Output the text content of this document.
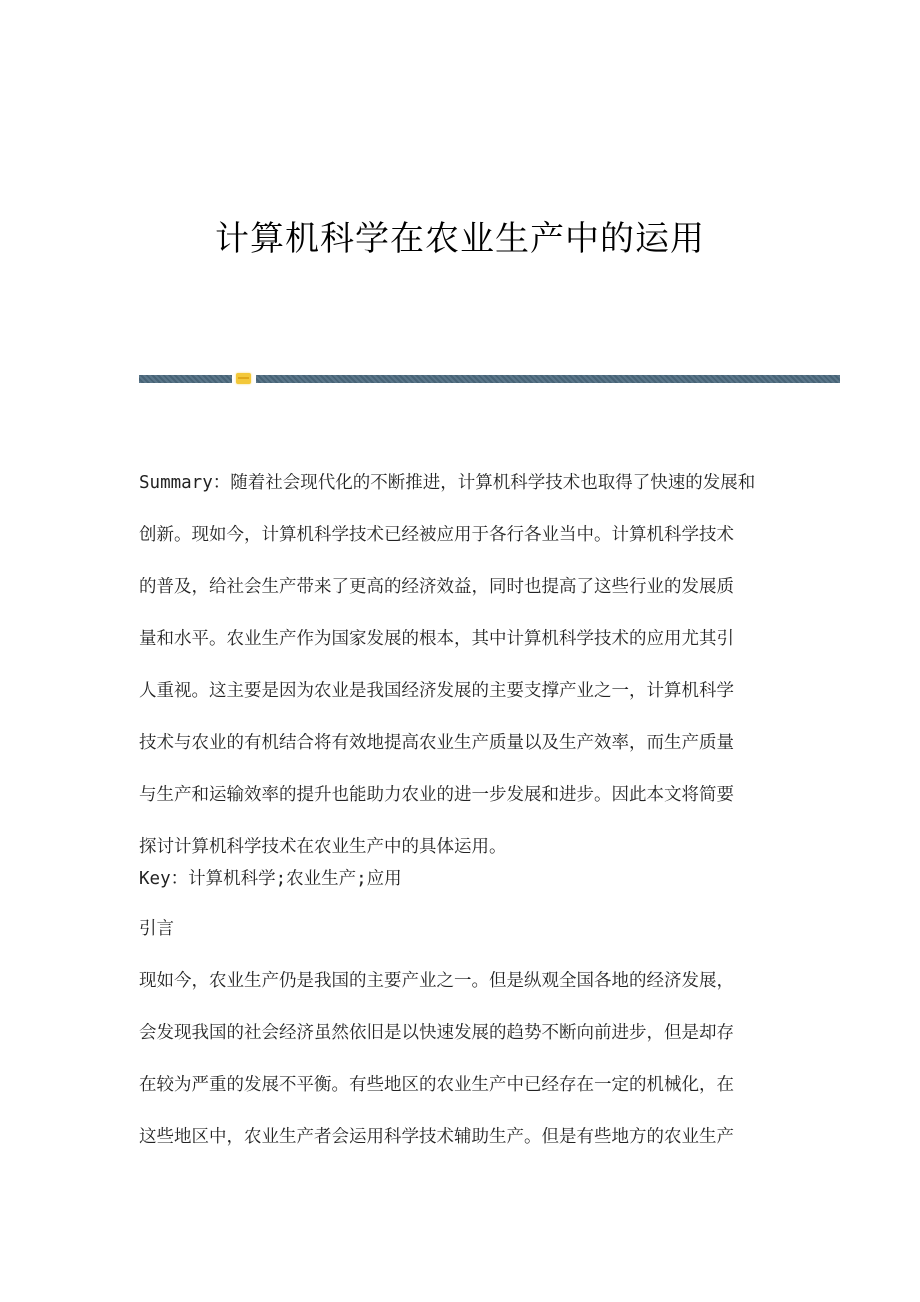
计算机科学在农业生产中的运用
Summary：随着社会现代化的不断推进，计算机科学技术也取得了快速的发展和
创新。现如今，计算机科学技术已经被应用于各行各业当中。计算机科学技术
的普及，给社会生产带来了更高的经济效益，同时也提高了这些行业的发展质
量和水平。农业生产作为国家发展的根本，其中计算机科学技术的应用尤其引
人重视。这主要是因为农业是我国经济发展的主要支撑产业之一，计算机科学
技术与农业的有机结合将有效地提高农业生产质量以及生产效率，而生产质量
与生产和运输效率的提升也能助力农业的进一步发展和进步。因此本文将简要
探讨计算机科学技术在农业生产中的具体运用。
Key：计算机科学;农业生产;应用
引言
现如今，农业生产仍是我国的主要产业之一。但是纵观全国各地的经济发展，
会发现我国的社会经济虽然依旧是以快速发展的趋势不断向前进步，但是却存
在较为严重的发展不平衡。有些地区的农业生产中已经存在一定的机械化，在
这些地区中，农业生产者会运用科学技术辅助生产。但是有些地方的农业生产
